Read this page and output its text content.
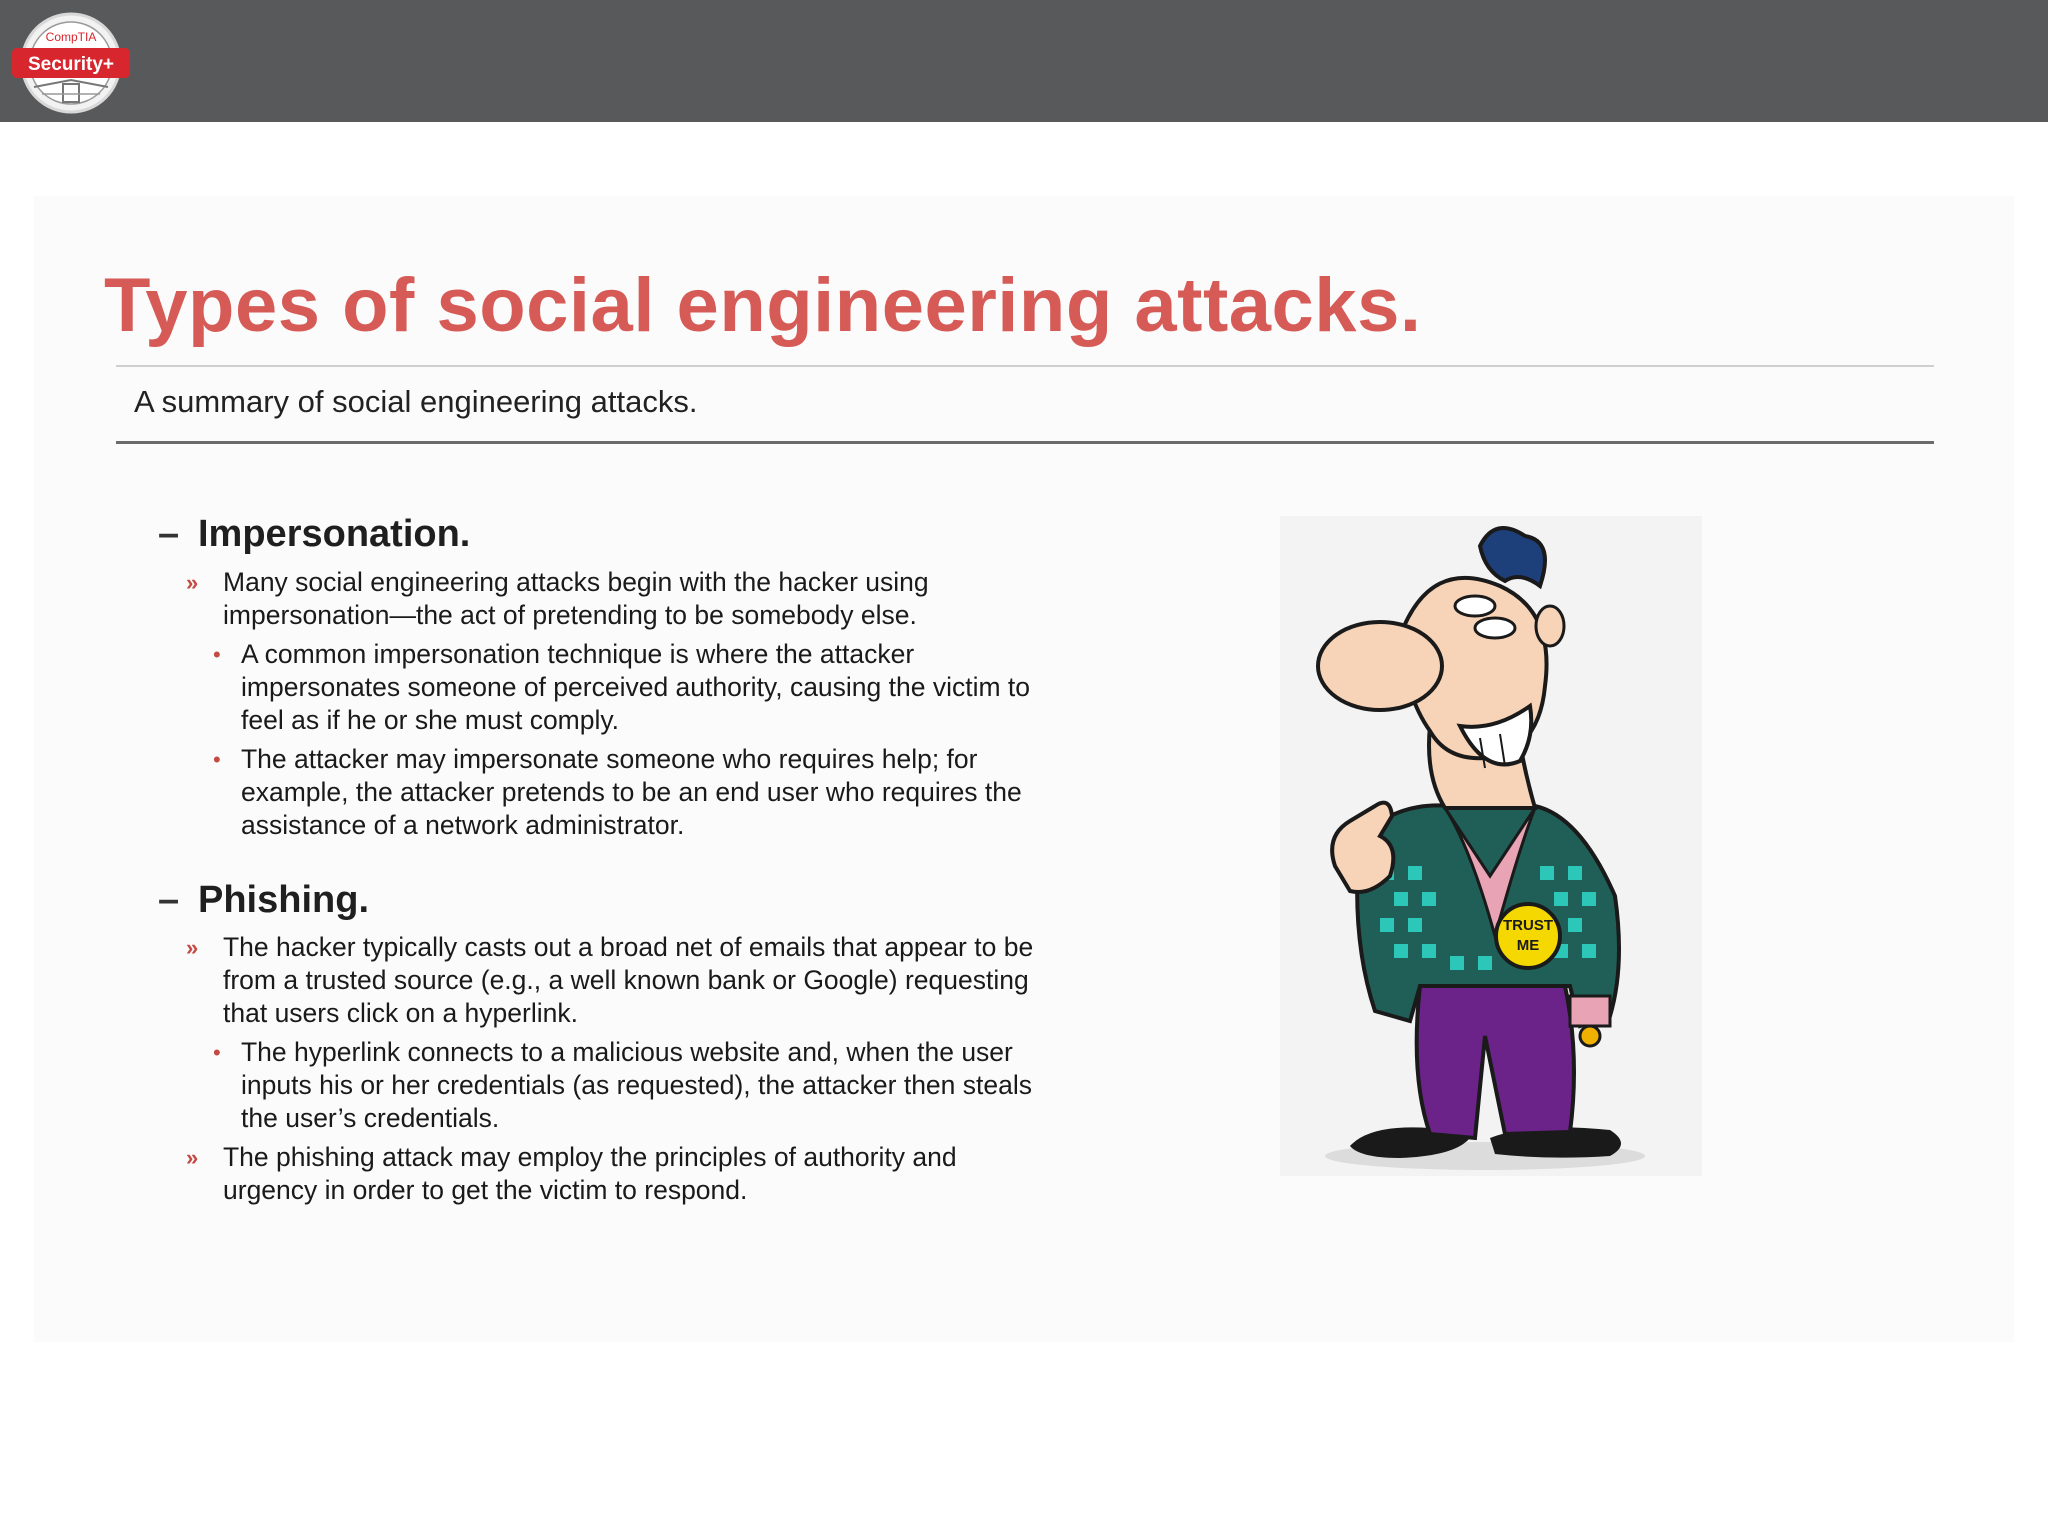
CompTIA
Security+
Types of social engineering attacks.
A summary of social engineering attacks.
– Impersonation.
» Many social engineering attacks begin with the hacker using impersonation—the act of pretending to be somebody else.
• A common impersonation technique is where the attacker impersonates someone of perceived authority, causing the victim to feel as if he or she must comply.
• The attacker may impersonate someone who requires help; for example, the attacker pretends to be an end user who requires the assistance of a network administrator.
– Phishing.
» The hacker typically casts out a broad net of emails that appear to be from a trusted source (e.g., a well known bank or Google) requesting that users click on a hyperlink.
• The hyperlink connects to a malicious website and, when the user inputs his or her credentials (as requested), the attacker then steals the user’s credentials.
» The phishing attack may employ the principles of authority and urgency in order to get the victim to respond.
TRUST
ME
